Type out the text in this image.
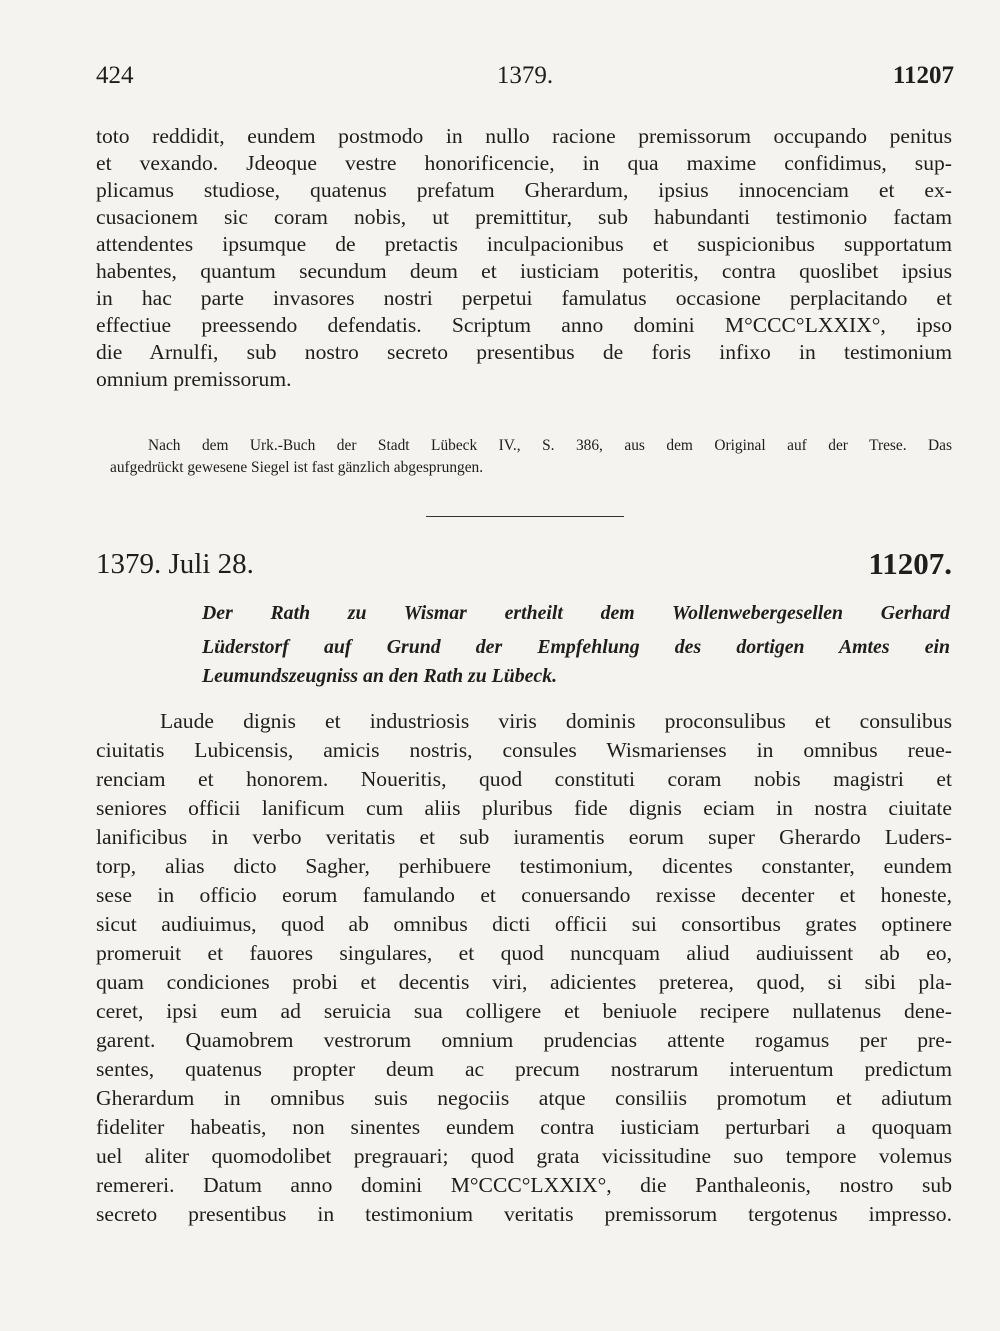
424	1379.	11207
toto reddidit, eundem postmodo in nullo racione premissorum occupando penitus
et vexando. Jdeoque vestre honorificencie, in qua maxime confidimus, sup-
plicamus studiose, quatenus prefatum Gherardum, ipsius innocenciam et ex-
cusacionem sic coram nobis, ut premittitur, sub habundanti testimonio factam
attendentes ipsumque de pretactis inculpacionibus et suspicionibus supportatum
habentes, quantum secundum deum et iusticiam poteritis, contra quoslibet ipsius
in hac parte invasores nostri perpetui famulatus occasione perplacitando et
effectiue preessendo defendatis. Scriptum anno domini M°CCC°LXXIX°, ipso
die Arnulfi, sub nostro secreto presentibus de foris infixo in testimonium
omnium premissorum.
Nach dem Urk.-Buch der Stadt Lübeck IV., S. 386, aus dem Original auf der Trese. Das
aufgedrückt gewesene Siegel ist fast gänzlich abgesprungen.
1379. Juli 28.	11207.
Der Rath zu Wismar ertheilt dem Wollenwebergesellen Gerhard
Lüderstorf auf Grund der Empfehlung des dortigen Amtes ein
Leumundszeugniss an den Rath zu Lübeck.
Laude dignis et industriosis viris dominis proconsulibus et consulibus
ciuitatis Lubicensis, amicis nostris, consules Wismarienses in omnibus reue-
renciam et honorem. Noueritis, quod constituti coram nobis magistri et
seniores officii lanificum cum aliis pluribus fide dignis eciam in nostra ciuitate
lanificibus in verbo veritatis et sub iuramentis eorum super Gherardo Luders-
torp, alias dicto Sagher, perhibuere testimonium, dicentes constanter, eundem
sese in officio eorum famulando et conuersando rexisse decenter et honeste,
sicut audiuimus, quod ab omnibus dicti officii sui consortibus grates optinere
promeruit et fauores singulares, et quod nuncquam aliud audiuissent ab eo,
quam condiciones probi et decentis viri, adicientes preterea, quod, si sibi pla-
ceret, ipsi eum ad seruicia sua colligere et beniuole recipere nullatenus dene-
garent. Quamobrem vestrorum omnium prudencias attente rogamus per pre-
sentes, quatenus propter deum ac precum nostrarum interuentum predictum
Gherardum in omnibus suis negociis atque consiliis promotum et adiutum
fideliter habeatis, non sinentes eundem contra iusticiam perturbari a quoquam
uel aliter quomodolibet pregrauari; quod grata vicissitudine suo tempore volemus
remereri. Datum anno domini M°CCC°LXXIX°, die Panthaleonis, nostro sub
secreto presentibus in testimonium veritatis premissorum tergotenus impresso.
